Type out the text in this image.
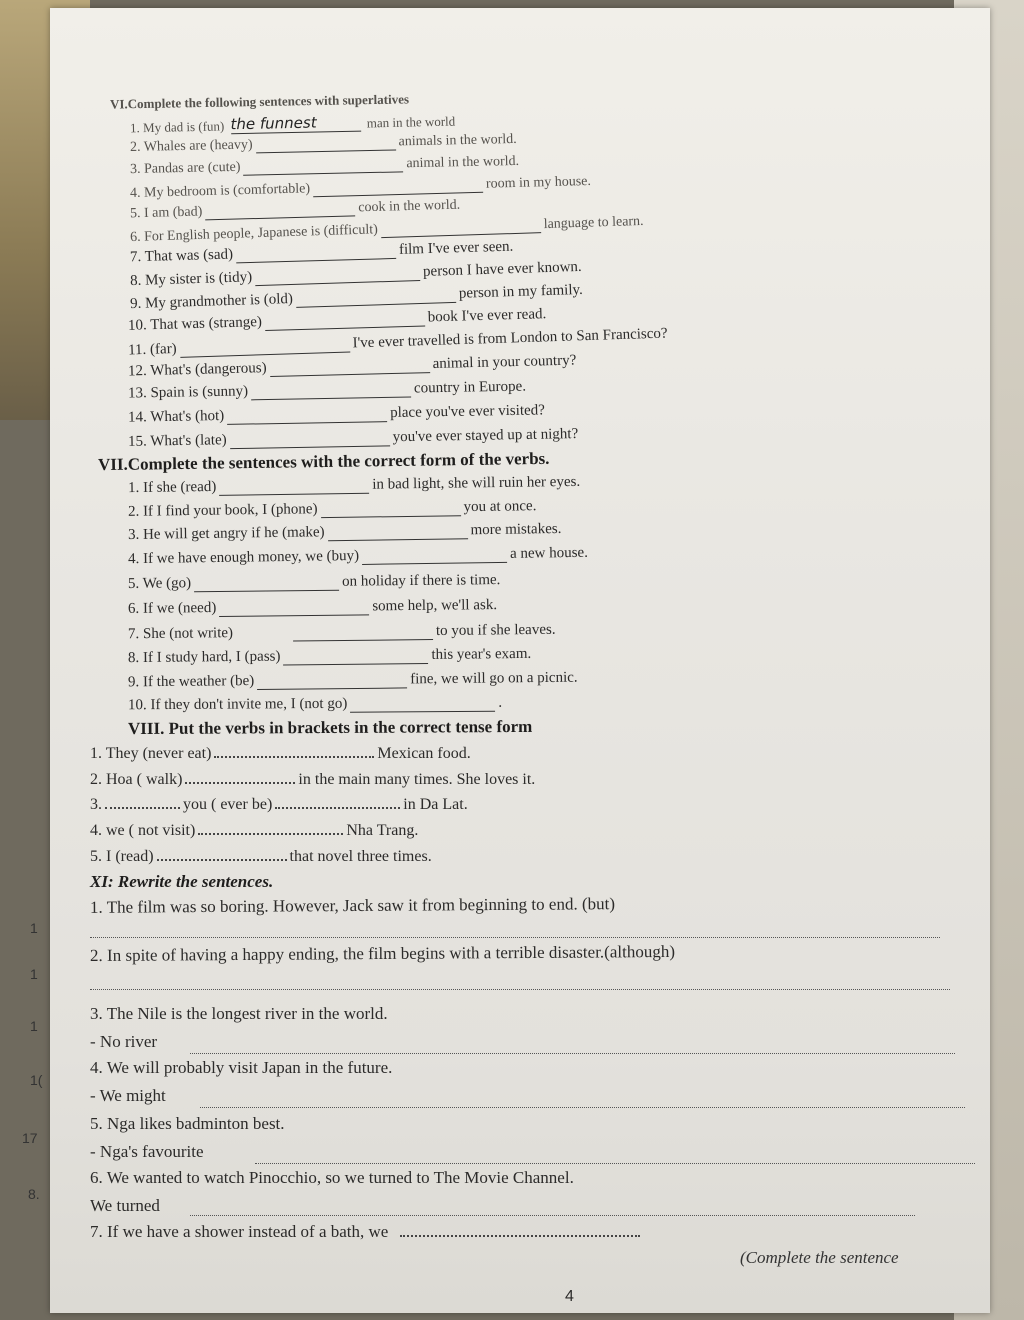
VI.Complete the following sentences with superlatives
1. My dad is (fun) the funnest	man in the world
2. Whales are (heavy)	animals in the world.
3. Pandas are (cute)	animal in the world.
4. My bedroom is (comfortable)	room in my house.
5. I am (bad)	cook in the world.
6. For English people, Japanese is (difficult)	language to learn.
7. That was (sad)	film I've ever seen.
8. My sister is (tidy)	person I have ever known.
9. My grandmother is (old)	person in my family.
10. That was (strange)	book I've ever read.
11. (far)	I've ever travelled is from London to San Francisco?
12. What's (dangerous)	animal in your country?
13. Spain is (sunny)	country in Europe.
14. What's (hot)	place you've ever visited?
15. What's (late)	you've ever stayed up at night?
VII.Complete the sentences with the correct form of the verbs.
1. If she (read)	in bad light, she will ruin her eyes.
2. If I find your book, I (phone)	you at once.
3. He will get angry if he (make)	more mistakes.
4. If we have enough money, we (buy)	a new house.
5. We (go)	on holiday if there is time.
6. If we (need)	some help, we'll ask.
7. She (not write)	to you if she leaves.
8. If I study hard, I (pass)	this year's exam.
9. If the weather (be)	fine, we will go on a picnic.
10. If they don't invite me, I (not go)	.
VIII. Put the verbs in brackets in the correct tense form
1. They (never eat)	Mexican food.
2. Hoa ( walk)	in the main many times. She loves it.
3.	you ( ever be)	in Da Lat.
4. we ( not visit)	Nha Trang.
5. I (read)	that novel three times.
XI: Rewrite the sentences.
1. The film was so boring. However, Jack saw it from beginning to end. (but)
2. In spite of having a happy ending, the film begins with a terrible disaster.(although)
3. The Nile is the longest river in the world.
- No river
4. We will probably visit Japan in the future.
- We might
5. Nga likes badminton best.
- Nga's favourite
6. We wanted to watch Pinocchio, so we turned to The Movie Channel.
We turned
7. If we have a shower instead of a bath, we
(Complete the sentence
4
1
1
1
1(
17
8.
